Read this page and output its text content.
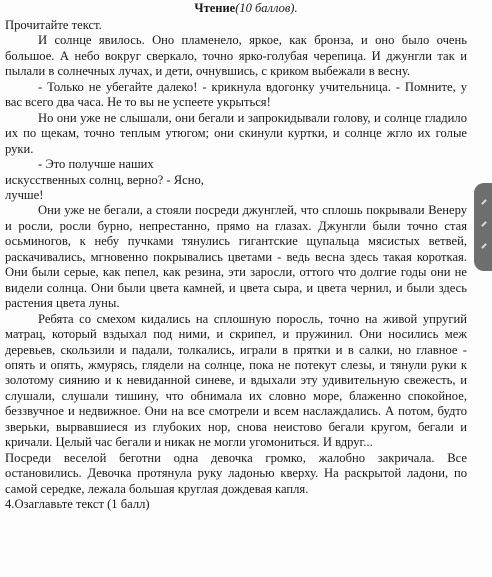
Чтение(10 баллов).

Прочитайте текст.

И солнце явилось. Оно пламенело, яркое, как бронза, и оно было очень большое. А небо вокруг сверкало, точно ярко-голубая черепица. И джунгли так и пылали в солнечных лучах, и дети, очнувшись, с криком выбежали в весну.

- Только не убегайте далеко! - крикнула вдогонку учительница. - Помните, у вас всего два часа. Не то вы не успеете укрыться!

Но они уже не слышали, они бегали и запрокидывали голову, и солнце гладило их по щекам, точно теплым утюгом; они скинули куртки, и солнце жгло их голые руки.

- Это получше наших искусственных солнц, верно? - Ясно, лучше!

Они уже не бегали, а стояли посреди джунглей, что сплошь покрывали Венеру и росли, росли бурно, непрестанно, прямо на глазах. Джунгли были точно стая осьминогов, к небу пучками тянулись гигантские щупальца мясистых ветвей, раскачивались, мгновенно покрывались цветами - ведь весна здесь такая короткая. Они были серые, как пепел, как резина, эти заросли, оттого что долгие годы они не видели солнца. Они были цвета камней, и цвета сыра, и цвета чернил, и были здесь растения цвета луны.

Ребята со смехом кидались на сплошную поросль, точно на живой упругий матрац, который вздыхал под ними, и скрипел, и пружинил. Они носились меж деревьев, скользили и падали, толкались, играли в прятки и в салки, но главное - опять и опять, жмурясь, глядели на солнце, пока не потекут слезы, и тянули руки к золотому сиянию и к невиданной синеве, и вдыхали эту удивительную свежесть, и слушали, слушали тишину, что обнимала их словно море, блаженно спокойное, беззвучное и недвижное. Они на все смотрели и всем наслаждались. А потом, будто зверьки, вырвавшиеся из глубоких нор, снова неистово бегали кругом, бегали и кричали. Целый час бегали и никак не могли угомониться. И вдруг...

Посреди веселой беготни одна девочка громко, жалобно закричала. Все остановились. Девочка протянула руку ладонью кверху. На раскрытой ладони, по самой середке, лежала большая круглая дождевая капля.

4.Озаглавьте текст (1 балл)
